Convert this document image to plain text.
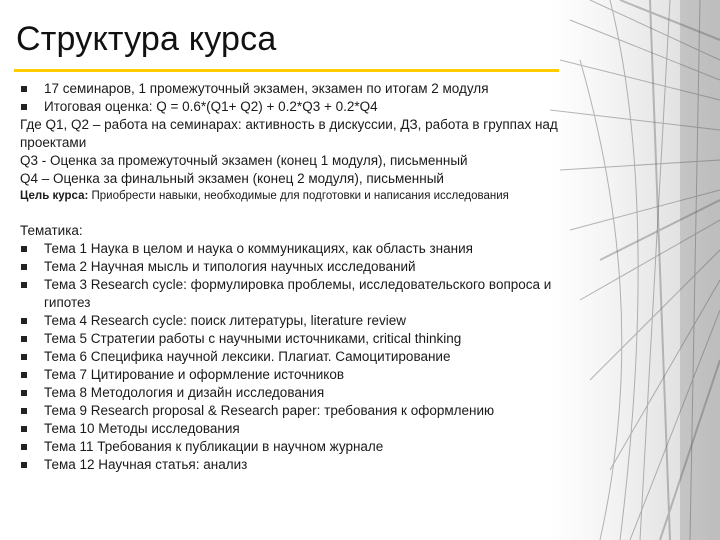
Структура курса
17 семинаров, 1 промежуточный экзамен, экзамен по итогам 2 модуля
Итоговая оценка: Q = 0.6*(Q1+ Q2) + 0.2*Q3 + 0.2*Q4
Где Q1, Q2 – работа на семинарах: активность в дискуссии, ДЗ, работа в группах над проектами
Q3 - Оценка за промежуточный экзамен (конец 1 модуля), письменный
Q4 – Оценка за финальный экзамен (конец 2 модуля), письменный
Цель курса: Приобрести навыки, необходимые для подготовки и написания исследования
Тематика:
Тема 1 Наука в целом и наука о коммуникациях, как область знания
Тема 2 Научная мысль и типология научных исследований
Тема 3 Research cycle: формулировка проблемы, исследовательского вопроса и гипотез
Тема 4 Research cycle: поиск литературы, literature review
Тема 5 Стратегии работы с научными источниками, critical thinking
Тема 6 Специфика научной лексики. Плагиат. Самоцитирование
Тема 7 Цитирование и оформление источников
Тема 8 Методология и дизайн исследования
Тема 9 Research proposal & Research paper: требования к оформлению
Тема 10 Методы исследования
Тема 11 Требования к публикации в научном журнале
Тема 12 Научная статья: анализ
